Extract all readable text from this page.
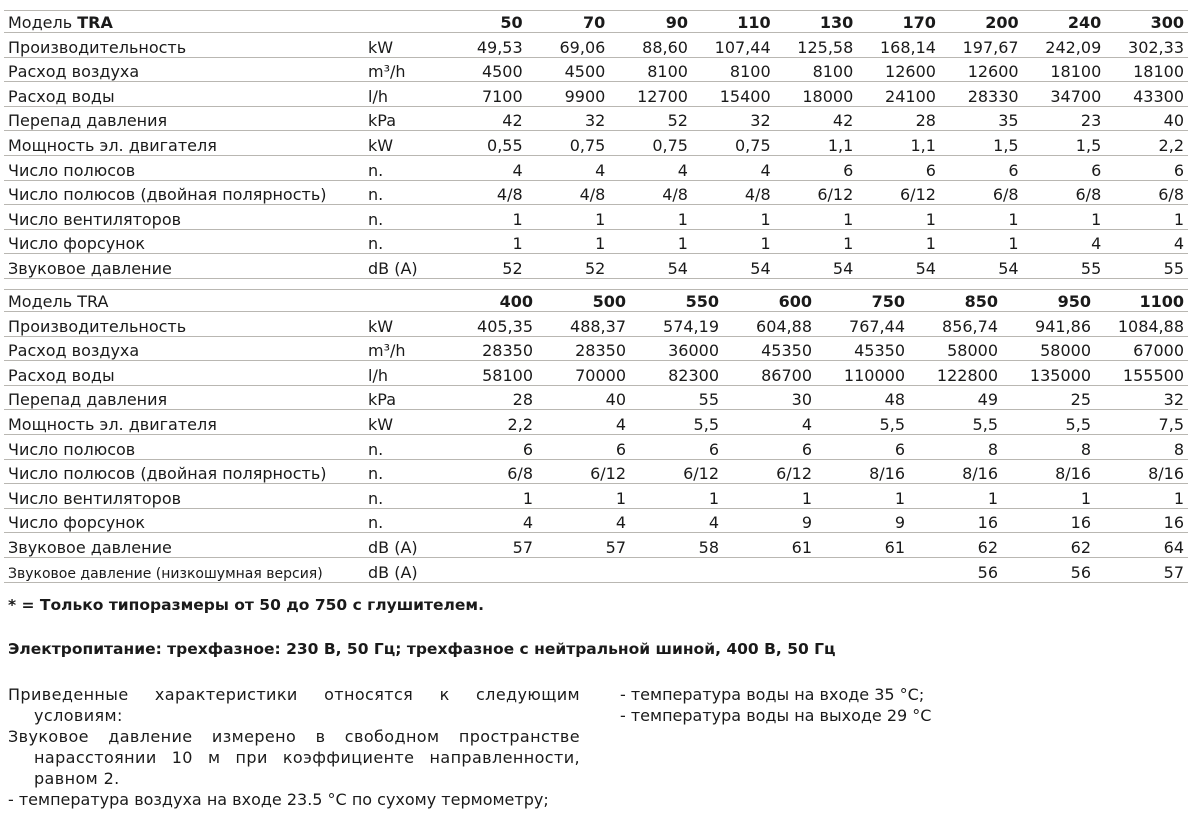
Модель TRA		50	70	90	110	130	170	200	240	300
Производительность	kW	49,53	69,06	88,60	107,44	125,58	168,14	197,67	242,09	302,33
Расход воздуха	m³/h	4500	4500	8100	8100	8100	12600	12600	18100	18100
Расход воды	l/h	7100	9900	12700	15400	18000	24100	28330	34700	43300
Перепад давления	kPa	42	32	52	32	42	28	35	23	40
Мощность эл. двигателя	kW	0,55	0,75	0,75	0,75	1,1	1,1	1,5	1,5	2,2
Число полюсов	n.	4	4	4	4	6	6	6	6	6
Число полюсов (двойная полярность)	n.	4/8	4/8	4/8	4/8	6/12	6/12	6/8	6/8	6/8
Число вентиляторов	n.	1	1	1	1	1	1	1	1	1
Число форсунок	n.	1	1	1	1	1	1	1	4	4
Звуковое давление	dB (A)	52	52	54	54	54	54	54	55	55
Модель TRA		400	500	550	600	750	850	950	1100
Производительность	kW	405,35	488,37	574,19	604,88	767,44	856,74	941,86	1084,88
Расход воздуха	m³/h	28350	28350	36000	45350	45350	58000	58000	67000
Расход воды	l/h	58100	70000	82300	86700	110000	122800	135000	155500
Перепад давления	kPa	28	40	55	30	48	49	25	32
Мощность эл. двигателя	kW	2,2	4	5,5	4	5,5	5,5	5,5	7,5
Число полюсов	n.	6	6	6	6	6	8	8	8
Число полюсов (двойная полярность)	n.	6/8	6/12	6/12	6/12	8/16	8/16	8/16	8/16
Число вентиляторов	n.	1	1	1	1	1	1	1	1
Число форсунок	n.	4	4	4	9	9	16	16	16
Звуковое давление	dB (A)	57	57	58	61	61	62	62	64
Звуковое давление (низкошумная версия)	dB (A)						56	56	57
* = Только типоразмеры от 50 до 750 с глушителем.
Электропитание: трехфазное: 230 В, 50 Гц; трехфазное с нейтральной шиной, 400 В, 50 Гц

Приведенные характеристики относятся к следующим условиям:

Звуковое давление измерено в свободном пространстве нарасстоянии 10 м при коэффициенте направленности, равном 2.

- температура воздуха на входе 23.5 °С по сухому термометру;

- температура воды на входе 35 °С;

- температура воды на выходе 29 °С
